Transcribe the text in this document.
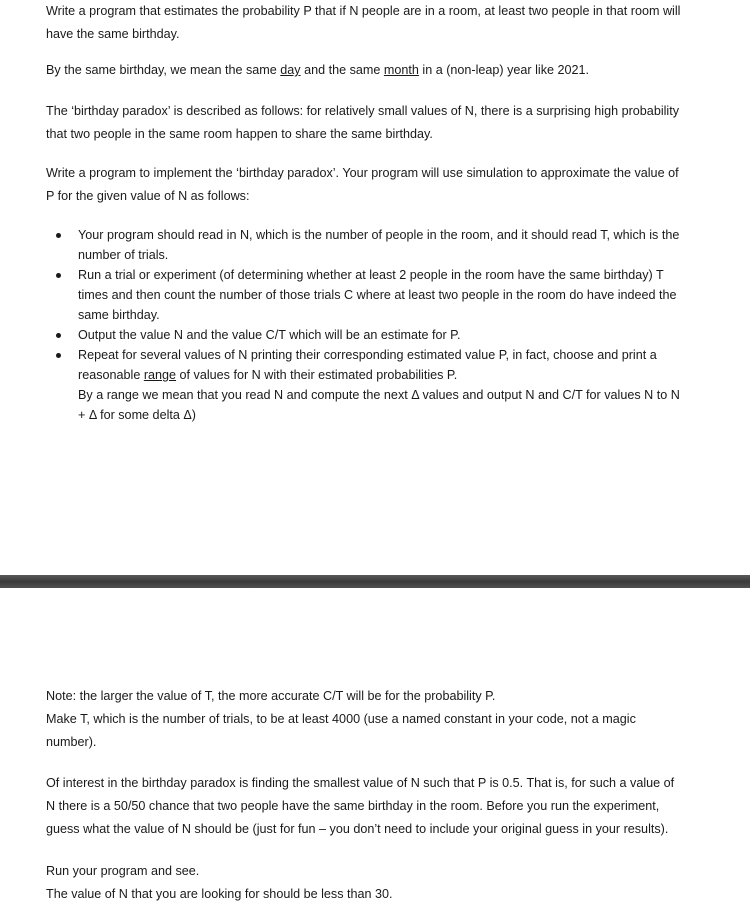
Write a program that estimates the probability P that if N people are in a room, at least two people in that room will have the same birthday.

By the same birthday, we mean the same day and the same month in a (non-leap) year like 2021.

The ‘birthday paradox’ is described as follows: for relatively small values of N, there is a surprising high probability that two people in the same room happen to share the same birthday.

Write a program to implement the ‘birthday paradox’. Your program will use simulation to approximate the value of P for the given value of N as follows:

Your program should read in N, which is the number of people in the room, and it should read T, which is the number of trials.
Run a trial or experiment (of determining whether at least 2 people in the room have the same birthday) T times and then count the number of those trials C where at least two people in the room do have indeed the same birthday.
Output the value N and the value C/T which will be an estimate for P.
Repeat for several values of N printing their corresponding estimated value P, in fact, choose and print a reasonable range of values for N with their estimated probabilities P.
By a range we mean that you read N and compute the next Δ values and output N and C/T for values N to N + Δ for some delta Δ)

Note: the larger the value of T, the more accurate C/T will be for the probability P.

Make T, which is the number of trials, to be at least 4000 (use a named constant in your code, not a magic number).

Of interest in the birthday paradox is finding the smallest value of N such that P is 0.5. That is, for such a value of N there is a 50/50 chance that two people have the same birthday in the room. Before you run the experiment, guess what the value of N should be (just for fun – you don’t need to include your original guess in your results).

Run your program and see.

The value of N that you are looking for should be less than 30.
